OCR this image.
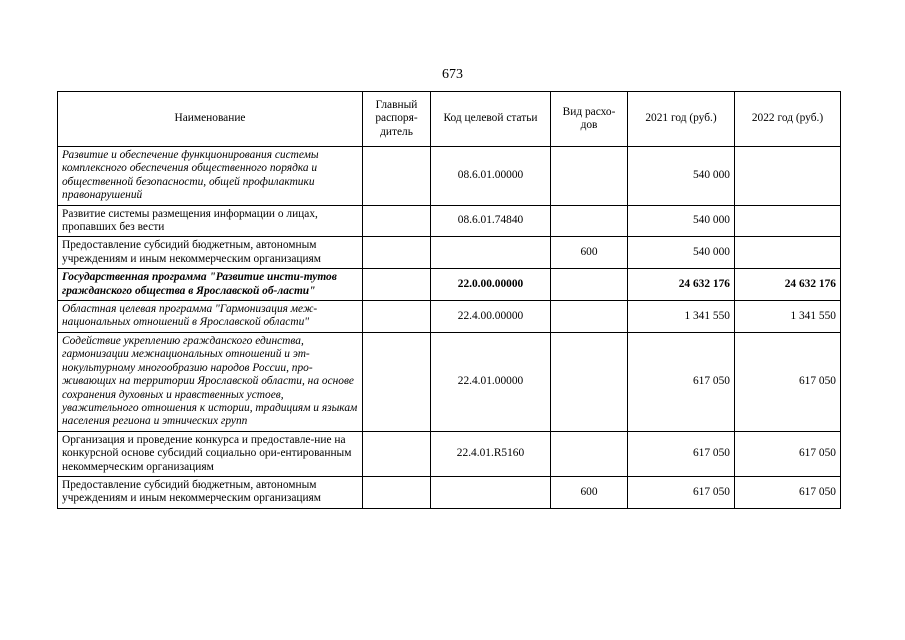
673
Наименование	Главный распоря-дитель	Код целевой статьи	Вид расхо-дов	2021 год (руб.)	2022 год (руб.)
Развитие и обеспечение функционирования системы комплексного обеспечения общественного порядка и общественной безопасности, общей профилактики правонарушений		08.6.01.00000		540 000	
Развитие системы размещения информации о лицах, пропавших без вести		08.6.01.74840		540 000	
Предоставление субсидий бюджетным, автономным учреждениям и иным некоммерческим организациям			600	540 000	
Государственная программа "Развитие инсти-тутов гражданского общества в Ярославской об-ласти"		22.0.00.00000		24 632 176	24 632 176
Областная целевая программа "Гармонизация меж-национальных отношений в Ярославской области"		22.4.00.00000		1 341 550	1 341 550
Содействие укреплению гражданского единства, гармонизации межнациональных отношений и эт-нокультурному многообразию народов России, про-живающих на территории Ярославской области, на основе сохранения духовных и нравственных устоев, уважительного отношения к истории, традициям и языкам населения региона и этнических групп		22.4.01.00000		617 050	617 050
Организация и проведение конкурса и предоставле-ние на конкурсной основе субсидий социально ори-ентированным некоммерческим организациям		22.4.01.R5160		617 050	617 050
Предоставление субсидий бюджетным, автономным учреждениям и иным некоммерческим организациям			600	617 050	617 050
